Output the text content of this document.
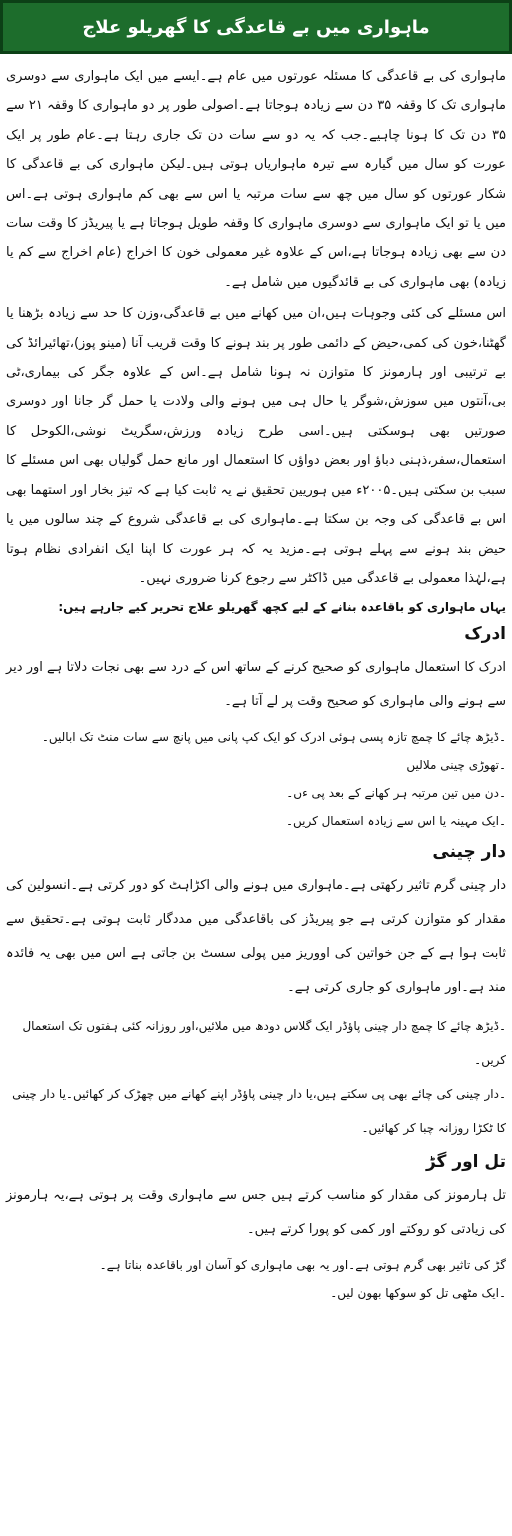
ماہواری میں بے قاعدگی کا گھریلو علاج

ماہواری کی بے قاعدگی کا مسئلہ عورتوں میں عام ہے۔ایسے میں ایک ماہواری سے دوسری ماہواری تک کا وقفہ ۳۵ دن سے زیادہ ہوجاتا ہے۔اصولی طور پر دو ماہواری کا وقفہ ۲۱ سے ۳۵ دن تک کا ہونا چاہیے۔جب کہ یہ دو سے سات دن تک جاری رہتا ہے۔عام طور پر ایک عورت کو سال میں گیارہ سے تیرہ ماہواریاں ہوتی ہیں۔لیکن ماہواری کی بے قاعدگی کا شکار عورتوں کو سال میں چھ سے سات مرتبہ یا اس سے بھی کم ماہواری ہوتی ہے۔اس میں یا تو ایک ماہواری سے دوسری ماہواری کا وقفہ طویل ہوجاتا ہے یا پیریڈز کا وقت سات دن سے بھی زیادہ ہوجاتا ہے،اس کے علاوہ غیر معمولی خون کا اخراج (عام اخراج سے کم یا زیادہ) بھی ماہواری کی بے قائدگیوں میں شامل ہے۔

اس مسئلے کی کئی وجوہات ہیں،ان میں کھانے میں بے قاعدگی،وزن کا حد سے زیادہ بڑھنا یا گھٹنا،خون کی کمی،حیض کے دائمی طور پر بند ہونے کا وقت قریب آنا (مینو پوز)،تھائیرائڈ کی بے ترتیبی اور ہارمونز کا متوازن نہ ہونا شامل ہے۔اس کے علاوہ جگر کی بیماری،ٹی بی،آنتوں میں سوزش،شوگر یا حال ہی میں ہونے والی ولادت یا حمل گر جانا اور دوسری صورتیں بھی ہوسکتی ہیں۔اسی طرح زیادہ ورزش،سگریٹ نوشی،الکوحل کا استعمال،سفر،ذہنی دباؤ اور بعض دواؤں کا استعمال اور مانع حمل گولیاں بھی اس مسئلے کا سبب بن سکتی ہیں۔۲۰۰۵ء میں ہوریین تحقیق نے یہ ثابت کیا ہے کہ تیز بخار اور استھما بھی اس بے قاعدگی کی وجہ بن سکتا ہے۔ماہواری کی بے قاعدگی شروع کے چند سالوں میں یا حیض بند ہونے سے پہلے ہوتی ہے۔مزید یہ کہ ہر عورت کا اپنا ایک انفرادی نظام ہوتا ہے،لہٰذا معمولی بے قاعدگی میں ڈاکٹر سے رجوع کرنا ضروری نہیں۔

یہاں ماہواری کو باقاعدہ بنانے کے لیے کچھ گھریلو علاج تحریر کیے جارہے ہیں:

ادرک

ادرک کا استعمال ماہواری کو صحیح کرنے کے ساتھ اس کے درد سے بھی نجات دلاتا ہے اور دیر سے ہونے والی ماہواری کو صحیح وقت پر لے آتا ہے۔

۔ڈیڑھ چائے کا چمچ تازہ پسی ہوئی ادرک کو ایک کپ پانی میں پانچ سے سات منٹ تک ابالیں۔

۔تھوڑی چینی ملالیں

۔دن میں تین مرتبہ ہر کھانے کے بعد پی ءں۔

۔ایک مہینہ یا اس سے زیادہ استعمال کریں۔

دار چینی

دار چینی گرم تاثیر رکھتی ہے۔ماہواری میں ہونے والی اکڑاہٹ کو دور کرتی ہے۔انسولین کی مقدار کو متوازن کرتی ہے جو پیریڈز کی باقاعدگی میں مددگار ثابت ہوتی ہے۔تحقیق سے ثابت ہوا ہے کے جن خواتین کی اووریز میں پولی سسٹ بن جاتی ہے اس میں بھی یہ فائدہ مند ہے۔اور ماہواری کو جاری کرتی ہے۔

۔ڈیڑھ چائے کا چمچ دار چینی پاؤڈر ایک گلاس دودھ میں ملائیں،اور روزانہ کئی ہفتوں تک استعمال کریں۔

۔دار چینی کی چائے بھی پی سکتے ہیں،یا دار چینی پاؤڈر اپنے کھانے میں چھڑک کر کھائیں۔یا دار چینی کا ٹکڑا روزانہ چبا کر کھائیں۔

تل اور گڑ

تل ہارمونز کی مقدار کو مناسب کرتے ہیں جس سے ماہواری وقت پر ہوتی ہے،یہ ہارمونز کی زیادتی کو روکتے اور کمی کو پورا کرتے ہیں۔

گڑ کی تاثیر بھی گرم ہوتی ہے۔اور یہ بھی ماہواری کو آسان اور باقاعدہ بناتا ہے۔

۔ایک مٹھی تل کو سوکھا بھون لیں۔
